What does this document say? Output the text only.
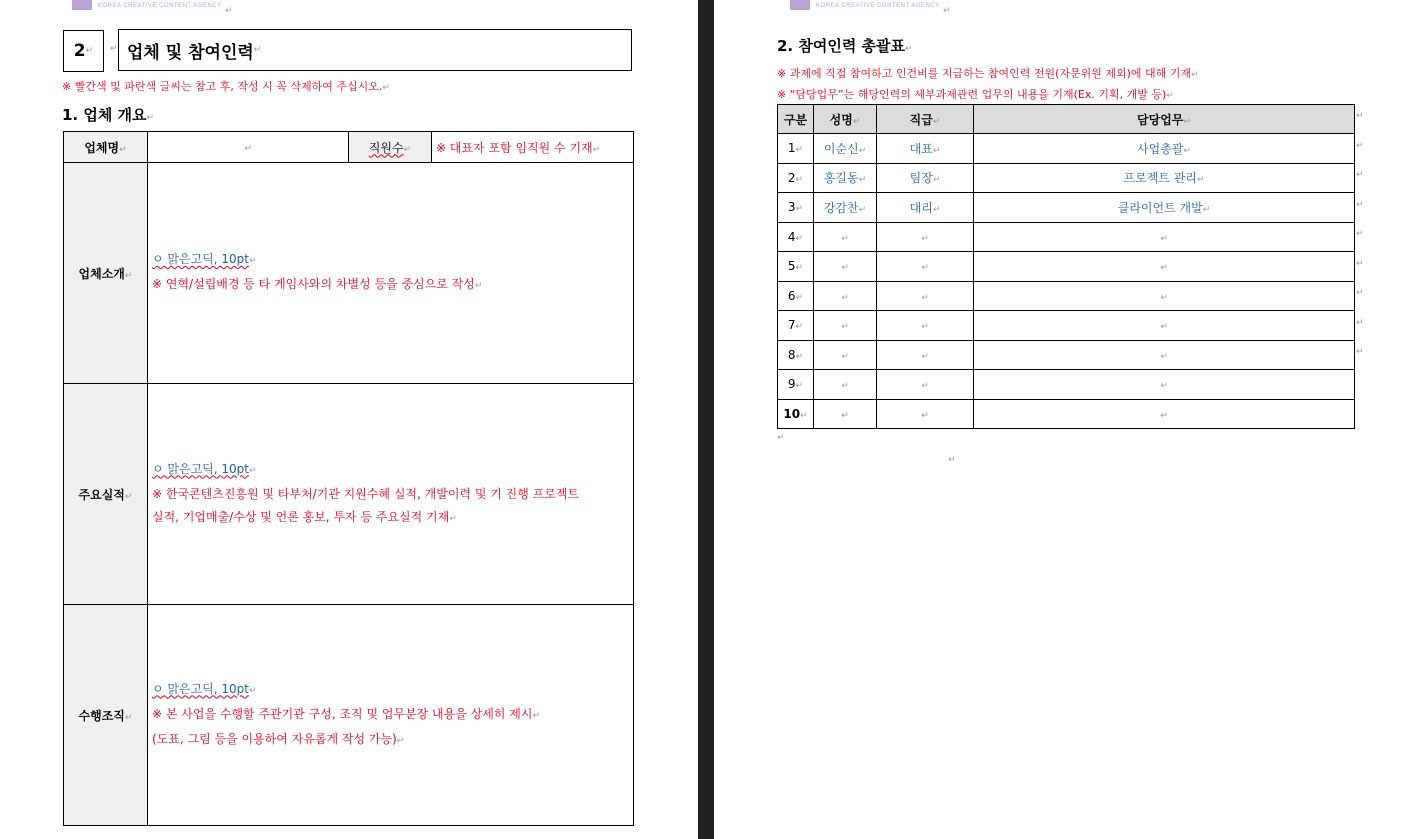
KOREA CREATIVE CONTENT AGENCY ↵
2 ↵ ↵ 업체 및 참여인력 ↵
※ 빨간색 및 파란색 글씨는 참고 후, 작성 시 꼭 삭제하여 주십시오.↵
1. 업체 개요↵
업체명↵	↵	직원수↵	※ 대표자 포함 임직원 수 기재↵
업체소개↵	ㅇ 맑은고딕, 10pt↵
※ 연혁/설립배경 등 타 게임사와의 차별성 등을 중심으로 작성↵		

주요실적↵	ㅇ 맑은고딕, 10pt↵
※ 한국콘텐츠진흥원 및 타부처/기관 지원수혜 실적, 개발이력 및 기 진행 프로젝트
실적, 기업매출/수상 및 언론 홍보, 투자 등 주요실적 기재↵		

수행조직↵	ㅇ 맑은고딕, 10pt↵
※ 본 사업을 수행할 주관기관 구성, 조직 및 업무분장 내용을 상세히 제시↵
(도표, 그림 등을 이용하여 자유롭게 작성 가능)↵		
KOREA CREATIVE CONTENT AGENCY ↵
2. 참여인력 총괄표↵
※ 과제에 직접 참여하고 인건비를 지급하는 참여인력 전원(자문위원 제외)에 대해 기재↵
※ “담당업무”는 해당인력의 세부과제관련 업무의 내용을 기재(Ex. 기획, 개발 등)↵
구분	성명↵	직급↵	담당업무↵
1↵	이순신↵	대표↵	사업총괄↵
2↵	홍길동↵	팀장↵	프로젝트 관리↵
3↵	강감찬↵	대리↵	클라이언트 개발↵
4↵	↵	↵	↵
5↵	↵	↵	↵
6↵	↵	↵	↵
7↵	↵	↵	↵
8↵	↵	↵	↵
9↵	↵	↵	↵
10↵	↵	↵	↵
↵
↵
↵
↵
↵
↵
↵
↵
↵
↵
↵
